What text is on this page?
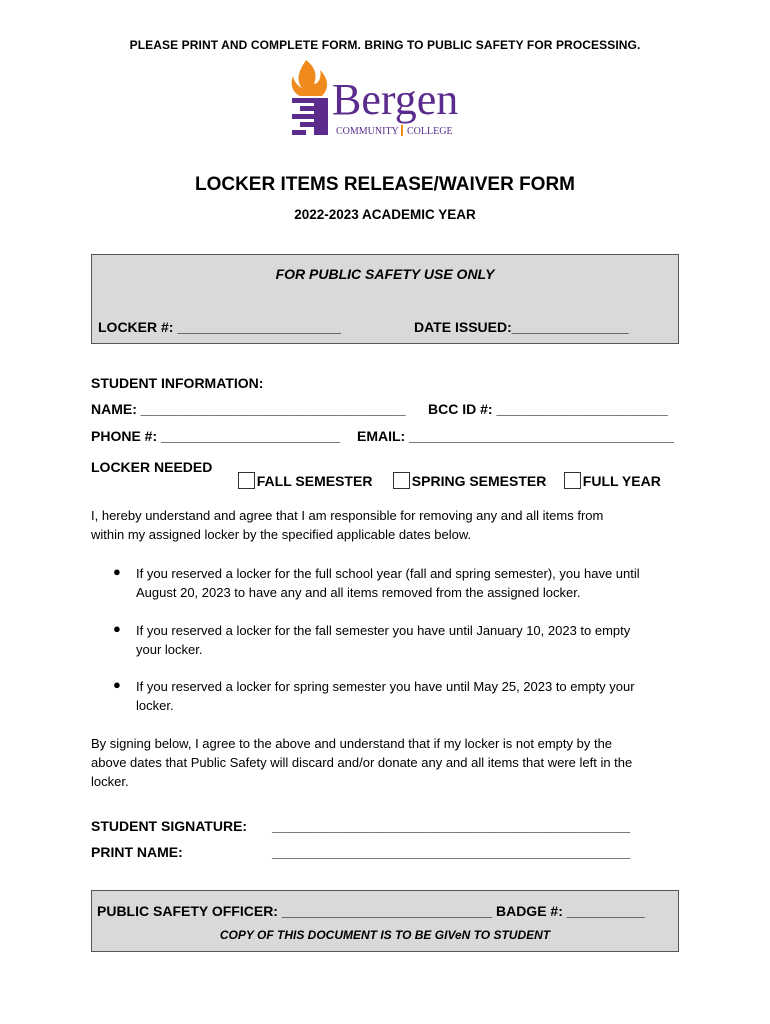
PLEASE PRINT AND COMPLETE FORM. BRING TO PUBLIC SAFETY FOR PROCESSING.
Bergen
COMMUNITY COLLEGE
LOCKER ITEMS RELEASE/WAIVER FORM
2022-2023 ACADEMIC YEAR
FOR PUBLIC SAFETY USE ONLY
LOCKER #: _____________________	DATE ISSUED:_______________
STUDENT INFORMATION:
NAME: __________________________________ BCC ID #: ______________________
PHONE #: _______________________ EMAIL: __________________________________
LOCKER NEEDED

FALL SEMESTER	SPRING SEMESTER	FULL YEAR

I, hereby understand and agree that I am responsible for removing any and all items from
within my assigned locker by the specified applicable dates below.
● If you reserved a locker for the full school year (fall and spring semester), you have until
August 20, 2023 to have any and all items removed from the assigned locker.
● If you reserved a locker for the fall semester you have until January 10, 2023 to empty
your locker.
● If you reserved a locker for spring semester you have until May 25, 2023 to empty your
locker.
By signing below, I agree to the above and understand that if my locker is not empty by the
above dates that Public Safety will discard and/or donate any and all items that were left in the
locker.
STUDENT SIGNATURE: ______________________________________________
PRINT NAME:	______________________________________________
PUBLIC SAFETY OFFICER: ___________________________ BADGE #: __________
COPY OF THIS DOCUMENT IS TO BE GIVeN TO STUDENT
